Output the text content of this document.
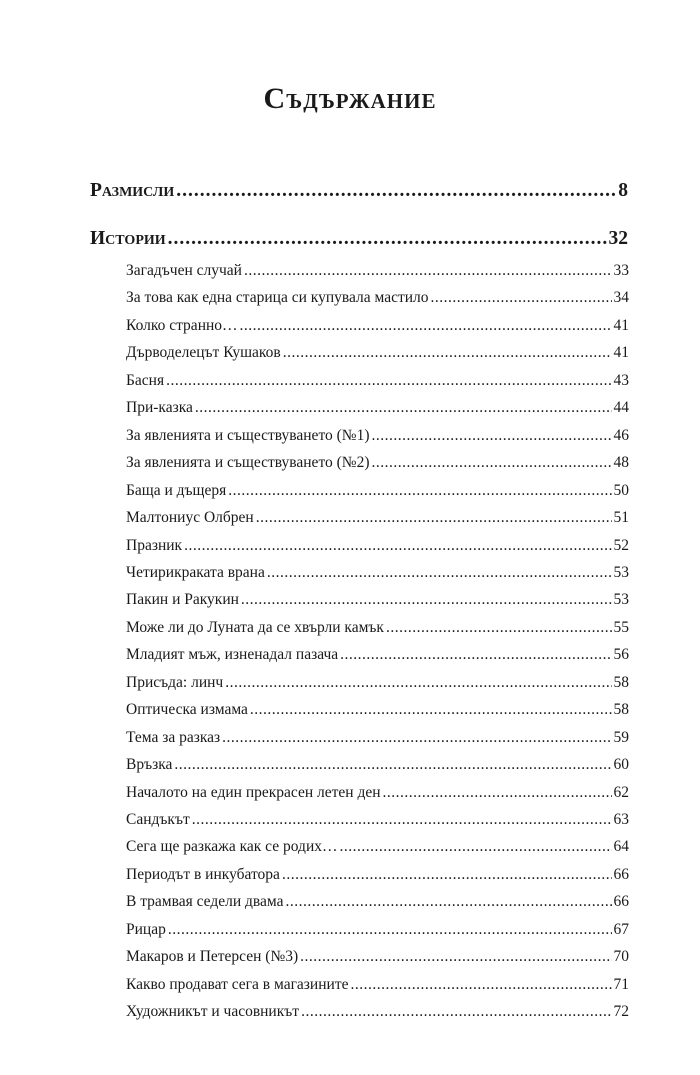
Съдържание
Размисли .....	8
Истории .....	32
Загадъчен случай .....	33
За това как една старица си купувала мастило .....	34
Колко странно… .....	41
Дърводелецът Кушаков .....	41
Басня .....	43
При-казка .....	44
За явленията и съществуването (№1) .....	46
За явленията и съществуването (№2) .....	48
Баща и дъщеря .....	50
Малтониус Олбрен .....	51
Празник .....	52
Четирикраката врана .....	53
Пакин и Ракукин .....	53
Може ли до Луната да се хвърли камък .....	55
Младият мъж, изненадал пазача .....	56
Присъда: линч .....	58
Оптическа измама .....	58
Тема за разказ .....	59
Връзка .....	60
Началото на един прекрасен летен ден .....	62
Сандъкът .....	63
Сега ще разкажа как се родих… .....	64
Периодът в инкубатора .....	66
В трамвая седели двама .....	66
Рицар .....	67
Макаров и Петерсен (№3) .....	70
Какво продават сега в магазините .....	71
Художникът и часовникът .....	72
